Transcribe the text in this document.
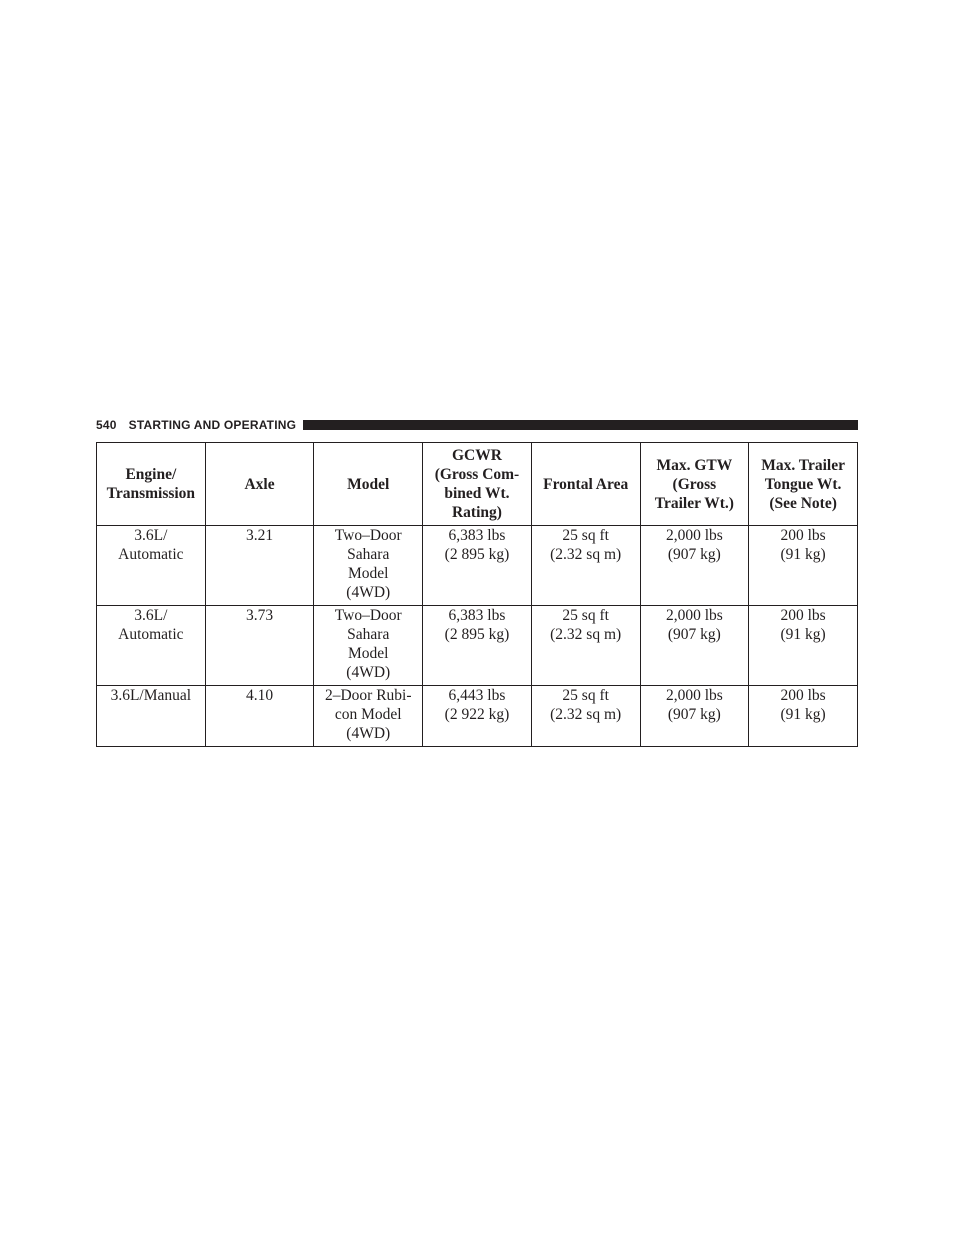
540 STARTING AND OPERATING
Engine/
Transmission	Axle	Model	GCWR
(Gross Com-
bined Wt.
Rating)	Frontal Area	Max. GTW
(Gross
Trailer Wt.)	Max. Trailer
Tongue Wt.
(See Note)

3.6L/
Automatic	3.21	Two–Door
Sahara
Model
(4WD)	6,383 lbs
(2 895 kg)	25 sq ft
(2.32 sq m)	2,000 lbs
(907 kg)	200 lbs
(91 kg)

3.6L/
Automatic	3.73	Two–Door
Sahara
Model
(4WD)	6,383 lbs
(2 895 kg)	25 sq ft
(2.32 sq m)	2,000 lbs
(907 kg)	200 lbs
(91 kg)

3.6L/Manual	4.10	2–Door Rubi-
con Model
(4WD)	6,443 lbs
(2 922 kg)	25 sq ft
(2.32 sq m)	2,000 lbs
(907 kg)	200 lbs
(91 kg)
